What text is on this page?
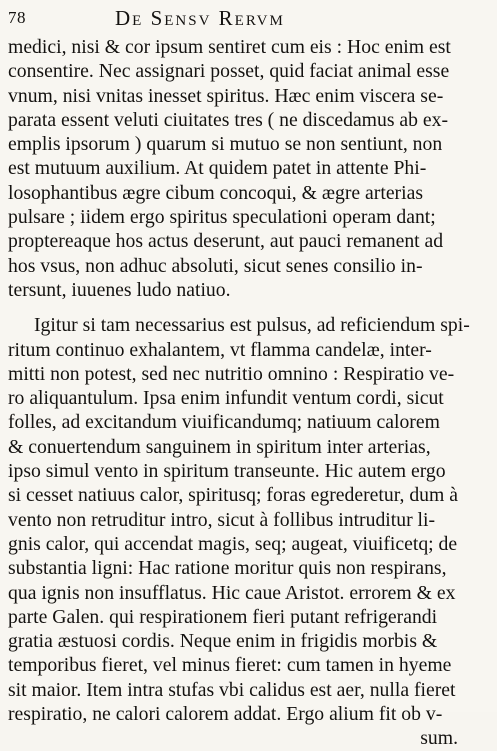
78	De Sensv Rervm
medici, nisi & cor ipsum sentiret cum eis : Hoc enim est
consentire. Nec assignari posset, quid faciat animal esse
vnum, nisi vnitas inesset spiritus. Hæc enim viscera se-
parata essent veluti ciuitates tres ( ne discedamus ab ex-
emplis ipsorum ) quarum si mutuo se non sentiunt, non
est mutuum auxilium. At quidem patet in attente Phi-
losophantibus ægre cibum concoqui, & ægre arterias
pulsare ; iidem ergo spiritus speculationi operam dant;
proptereaque hos actus deserunt, aut pauci remanent ad
hos vsus, non adhuc absoluti, sicut senes consilio in-
tersunt, iuuenes ludo natiuo.
Igitur si tam necessarius est pulsus, ad reficiendum spi-
ritum continuo exhalantem, vt flamma candelæ, inter-
mitti non potest, sed nec nutritio omnino : Respiratio ve-
ro aliquantulum. Ipsa enim infundit ventum cordi, sicut
folles, ad excitandum viuificandumq; natiuum calorem
& conuertendum sanguinem in spiritum inter arterias,
ipso simul vento in spiritum transeunte. Hic autem ergo
si cesset natiuus calor, spiritusq; foras egrederetur, dum à
vento non retruditur intro, sicut à follibus intruditur li-
gnis calor, qui accendat magis, seq; augeat, viuificetq; de
substantia ligni: Hac ratione moritur quis non respirans,
qua ignis non insufflatus. Hic caue Aristot. errorem & ex
parte Galen. qui respirationem fieri putant refrigerandi
gratia æstuosi cordis. Neque enim in frigidis morbis &
temporibus fieret, vel minus fieret: cum tamen in hyeme
sit maior. Item intra stufas vbi calidus est aer, nulla fieret
respiratio, ne calori calorem addat. Ergo alium fit ob v-
sum.
